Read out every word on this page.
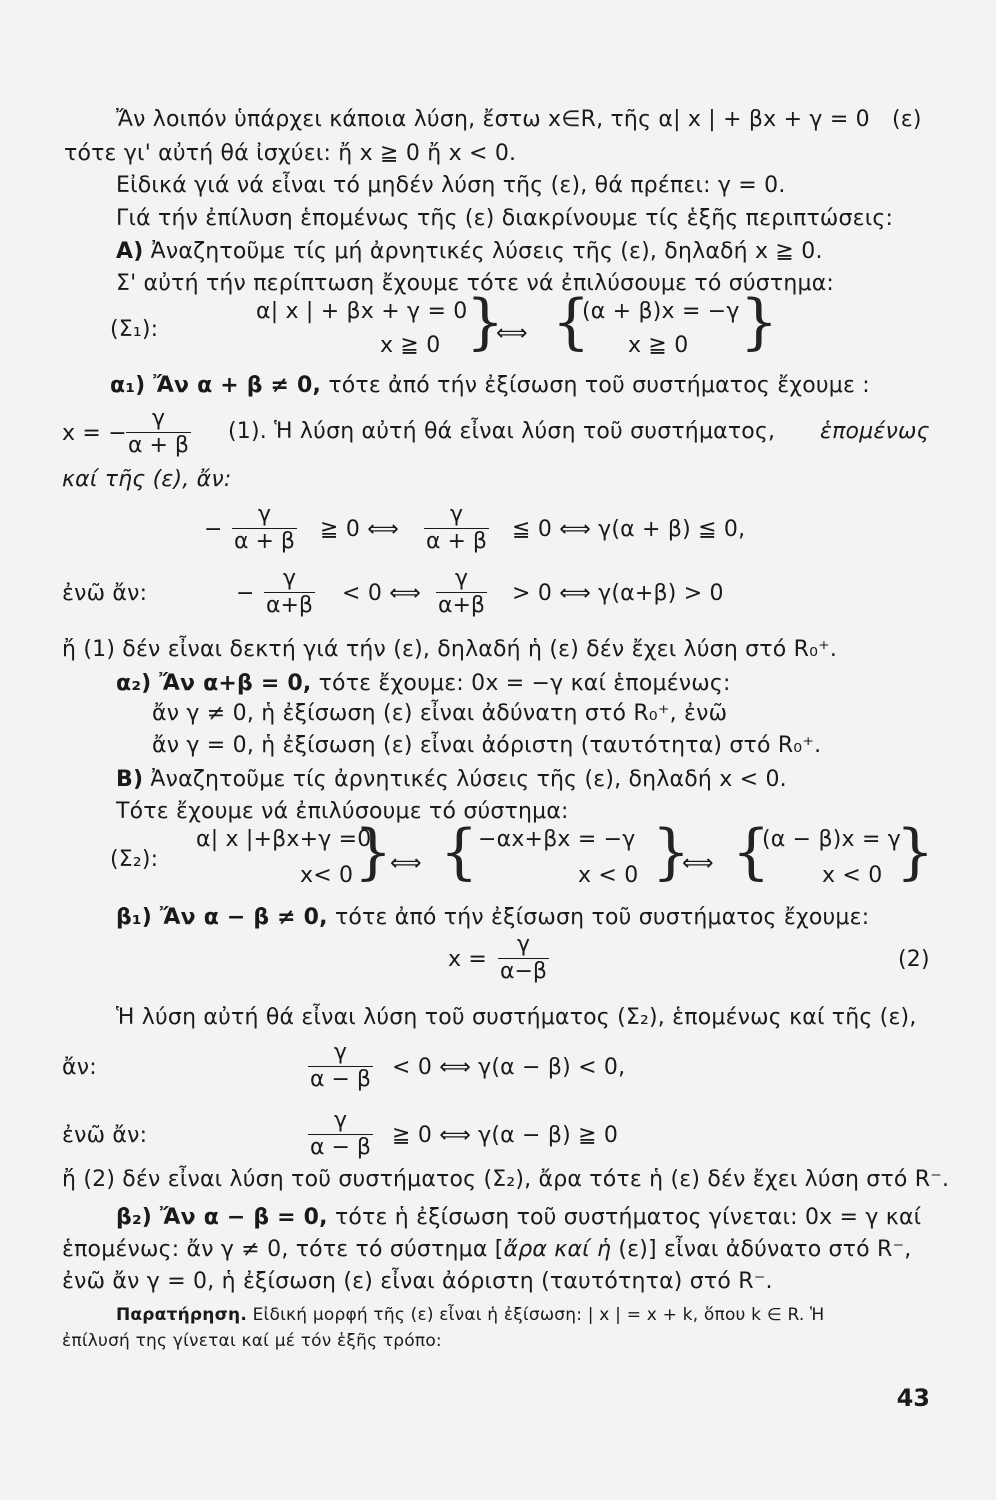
Ἄν λοιπόν ὑπάρχει κάποια λύση, ἔστω x∈R, τῆς α| x | + βx + γ = 0 (ε)
τότε γι' αὐτή θά ἰσχύει: ἤ x ≧ 0 ἤ x < 0.
Εἰδικά γιά νά εἶναι τό μηδέν λύση τῆς (ε), θά πρέπει: γ = 0.
Γιά τήν ἐπίλυση ἑπομένως τῆς (ε) διακρίνουμε τίς ἑξῆς περιπτώσεις:
A) Ἀναζητοῦμε τίς μή ἀρνητικές λύσεις τῆς (ε), δηλαδή x ≧ 0.
Σ' αὐτή τήν περίπτωση ἔχουμε τότε νά ἐπιλύσουμε τό σύστημα:
(Σ₁):
α| x | + βx + γ = 0
x ≧ 0 }
⟺ {
(α + β)x = −γ
x ≧ 0 }
α₁) Ἄν α + β ≠ 0, τότε ἀπό τήν ἐξίσωση τοῦ συστήματος ἔχουμε :
x = − $\frac{\gamma}{\alpha + \beta} (1)$. Ἡ λύση αὐτή θά εἶναι λύση τοῦ συστήματος, ἑπομένως
καί τῆς (ε), ἄν:
− $\frac{\gamma}{\alpha + \beta}$ ≧ 0 ⟺ $\frac{\gamma}{\alpha + \beta}$ ≦ 0 ⟺ γ(α + β) ≦ 0,
ἐνῶ ἄν:	− $\frac{\gamma}{\alpha+\beta} < 0$ ⟺ $\frac{\gamma}{\alpha+\beta} > 0$ ⟺ γ(α+β) > 0
ἤ (1) δέν εἶναι δεκτή γιά τήν (ε), δηλαδή ἡ (ε) δέν ἔχει λύση στό R₀⁺.
α₂) Ἄν α+β = 0, τότε ἔχουμε: 0x = −γ καί ἑπομένως:
ἄν γ ≠ 0, ἡ ἐξίσωση (ε) εἶναι ἀδύνατη στό R₀⁺, ἐνῶ
ἄν γ = 0, ἡ ἐξίσωση (ε) εἶναι ἀόριστη (ταυτότητα) στό R₀⁺.
B) Ἀναζητοῦμε τίς ἀρνητικές λύσεις τῆς (ε), δηλαδή x < 0.
Τότε ἔχουμε νά ἐπιλύσουμε τό σύστημα:
(Σ₂):
α| x |+βx+γ =0
x< 0 }
⟺ { −αx+βx = −γ
x < 0 }
⟺ {
(α − β)x = γ
x < 0 }
β₁) Ἄν α − β ≠ 0, τότε ἀπό τήν ἐξίσωση τοῦ συστήματος ἔχουμε:
$x = \frac{\gamma}{\alpha-\beta}$	(2)
Ἡ λύση αὐτή θά εἶναι λύση τοῦ συστήματος (Σ₂), ἑπομένως καί τῆς (ε),
ἄν:	$\frac{\gamma}{\alpha - \beta} < 0$ ⟺ γ(α − β) < 0,
ἐνῶ ἄν:	$\frac{\gamma}{\alpha - \beta}$ ≧ 0 ⟺ γ(α − β) ≧ 0
ἤ (2) δέν εἶναι λύση τοῦ συστήματος (Σ₂), ἄρα τότε ἡ (ε) δέν ἔχει λύση στό R⁻.
β₂) Ἄν α − β = 0, τότε ἡ ἐξίσωση τοῦ συστήματος γίνεται: 0x = γ καί
ἑπομένως: ἄν γ ≠ 0, τότε τό σύστημα [ἄρα καί ἡ (ε)] εἶναι ἀδύνατο στό R⁻,
ἐνῶ ἄν γ = 0, ἡ ἐξίσωση (ε) εἶναι ἀόριστη (ταυτότητα) στό R⁻.
Παρατήρηση. Εἰδική μορφή τῆς (ε) εἶναι ἡ ἐξίσωση: | x | = x + k, ὅπου k ∈ R. Ἡ
ἐπίλυσή της γίνεται καί μέ τόν ἑξῆς τρόπο:
43
